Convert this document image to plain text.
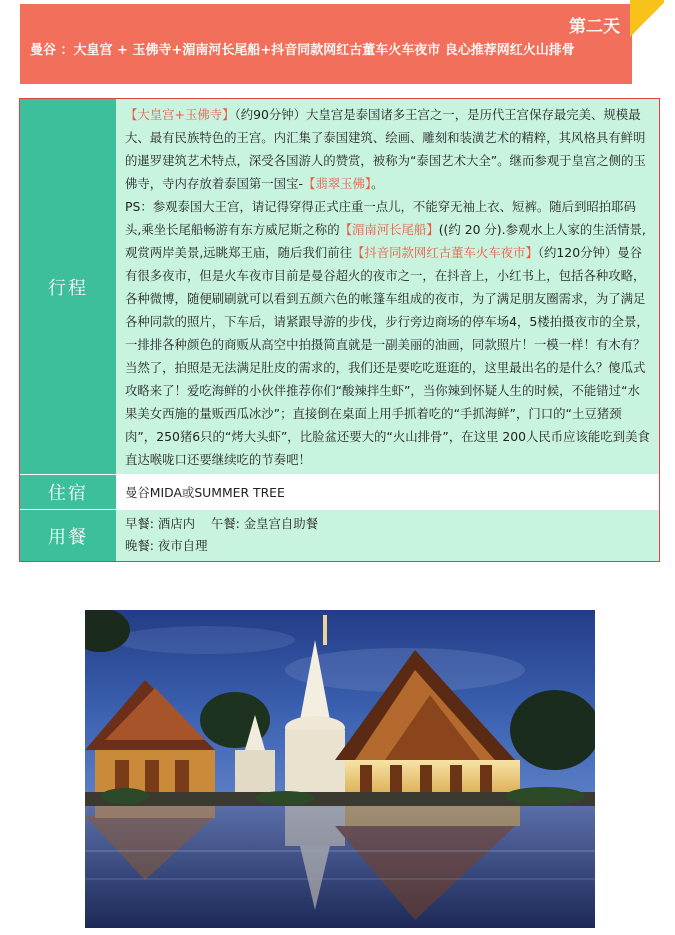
第二天
曼谷 ：大皇宫 + 玉佛寺+湄南河长尾船+抖音同款网红古董车火车夜市 良心推荐网红火山排骨
行程
【大皇宫+玉佛寺】（约90分钟）大皇宫是泰国诸多王宫之一，是历代王宫保存最完美、规模最大、最有民族特色的王宫。内汇集了泰国建筑、绘画、雕刻和装潢艺术的精粹，其风格具有鲜明的暹罗建筑艺术特点，深受各国游人的赞赏，被称为“泰国艺术大全”。继而参观于皇宫之侧的玉佛寺，寺内存放着泰国第一国宝-【翡翠玉佛】。
PS：参观泰国大王宫，请记得穿得正式庄重一点儿，不能穿无袖上衣、短裤。随后到昭拍耶码头,乘坐长尾船畅游有东方威尼斯之称的【湄南河长尾船】((约 20 分).参观水上人家的生活情景,观赏两岸美景,远眺郑王庙，随后我们前往【抖音同款网红古董车火车夜市】（约120分钟）曼谷有很多夜市，但是火车夜市目前是曼谷超火的夜市之一，在抖音上，小红书上，包括各种攻略，各种微博，随便刷刷就可以看到五颜六色的帐篷车组成的夜市，为了满足朋友圈需求，为了满足各种同款的照片，下车后，请紧跟导游的步伐，步行旁边商场的停车场4，5楼拍摄夜市的全景，一排排各种颜色的商贩从高空中拍摄简直就是一副美丽的油画，同款照片！一模一样！有木有？ 当然了，拍照是无法满足肚皮的需求的，我们还是要吃吃逛逛的，这里最出名的是什么？傻瓜式攻略来了！爱吃海鲜的小伙伴推荐你们“酸辣拌生虾”，当你辣到怀疑人生的时候，不能错过“水果美女西施的量贩西瓜冰沙”；直接倒在桌面上用手抓着吃的“手抓海鲜”，门口的“土豆猪颈肉”，250猪6只的“烤大头虾”，比脸盆还要大的“火山排骨”，在这里 200人民币应该能吃到美食直达喉咙口还要继续吃的节奏吧！
住宿	曼谷MIDA或SUMMER TREE
用餐
早餐: 酒店内    午餐: 金皇宫自助餐
晚餐: 夜市自理
